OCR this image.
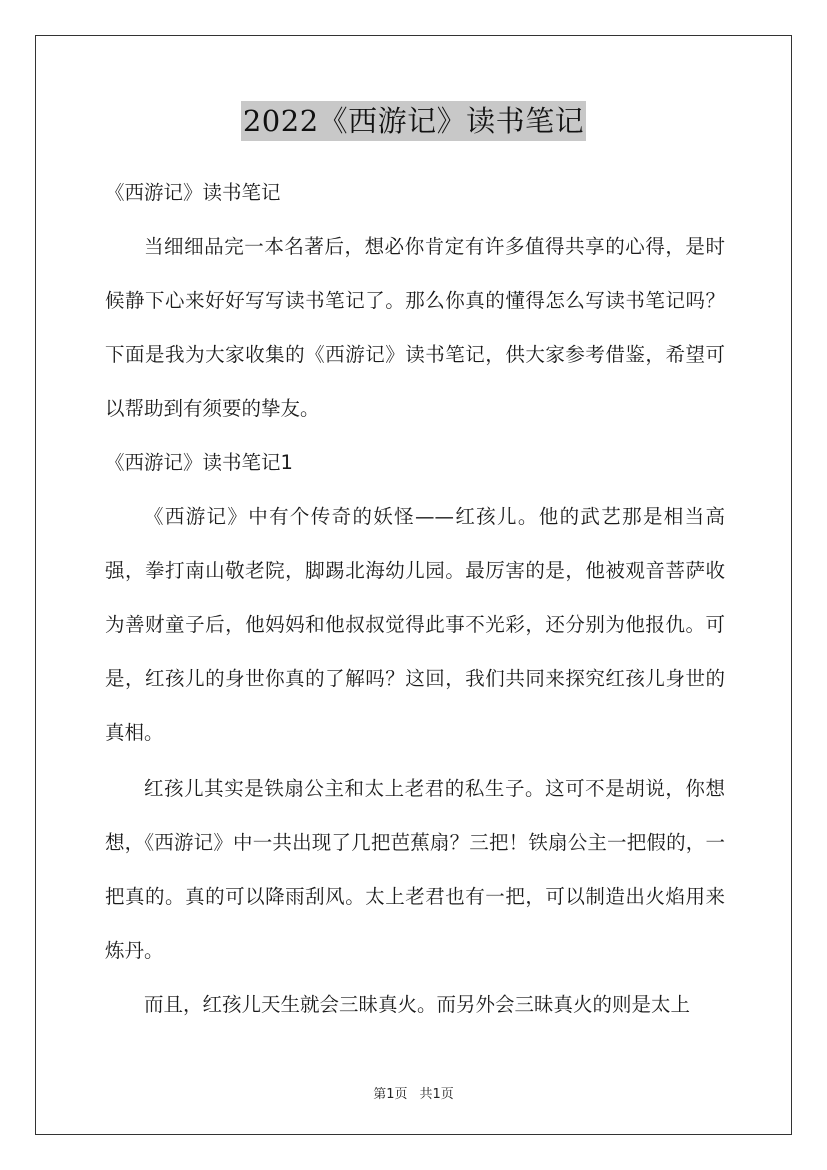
2022《西游记》读书笔记

《西游记》读书笔记

当细细品完一本名著后，想必你肯定有许多值得共享的心得，是时候静下心来好好写写读书笔记了。那么你真的懂得怎么写读书笔记吗？下面是我为大家收集的《西游记》读书笔记，供大家参考借鉴，希望可以帮助到有须要的挚友。

《西游记》读书笔记1

《西游记》中有个传奇的妖怪——红孩儿。他的武艺那是相当高强，拳打南山敬老院，脚踢北海幼儿园。最厉害的是，他被观音菩萨收为善财童子后，他妈妈和他叔叔觉得此事不光彩，还分别为他报仇。可是，红孩儿的身世你真的了解吗？这回，我们共同来探究红孩儿身世的真相。

红孩儿其实是铁扇公主和太上老君的私生子。这可不是胡说，你想想，《西游记》中一共出现了几把芭蕉扇？三把！铁扇公主一把假的，一把真的。真的可以降雨刮风。太上老君也有一把，可以制造出火焰用来炼丹。

而且，红孩儿天生就会三昧真火。而另外会三昧真火的则是太上

第1页 共1页
